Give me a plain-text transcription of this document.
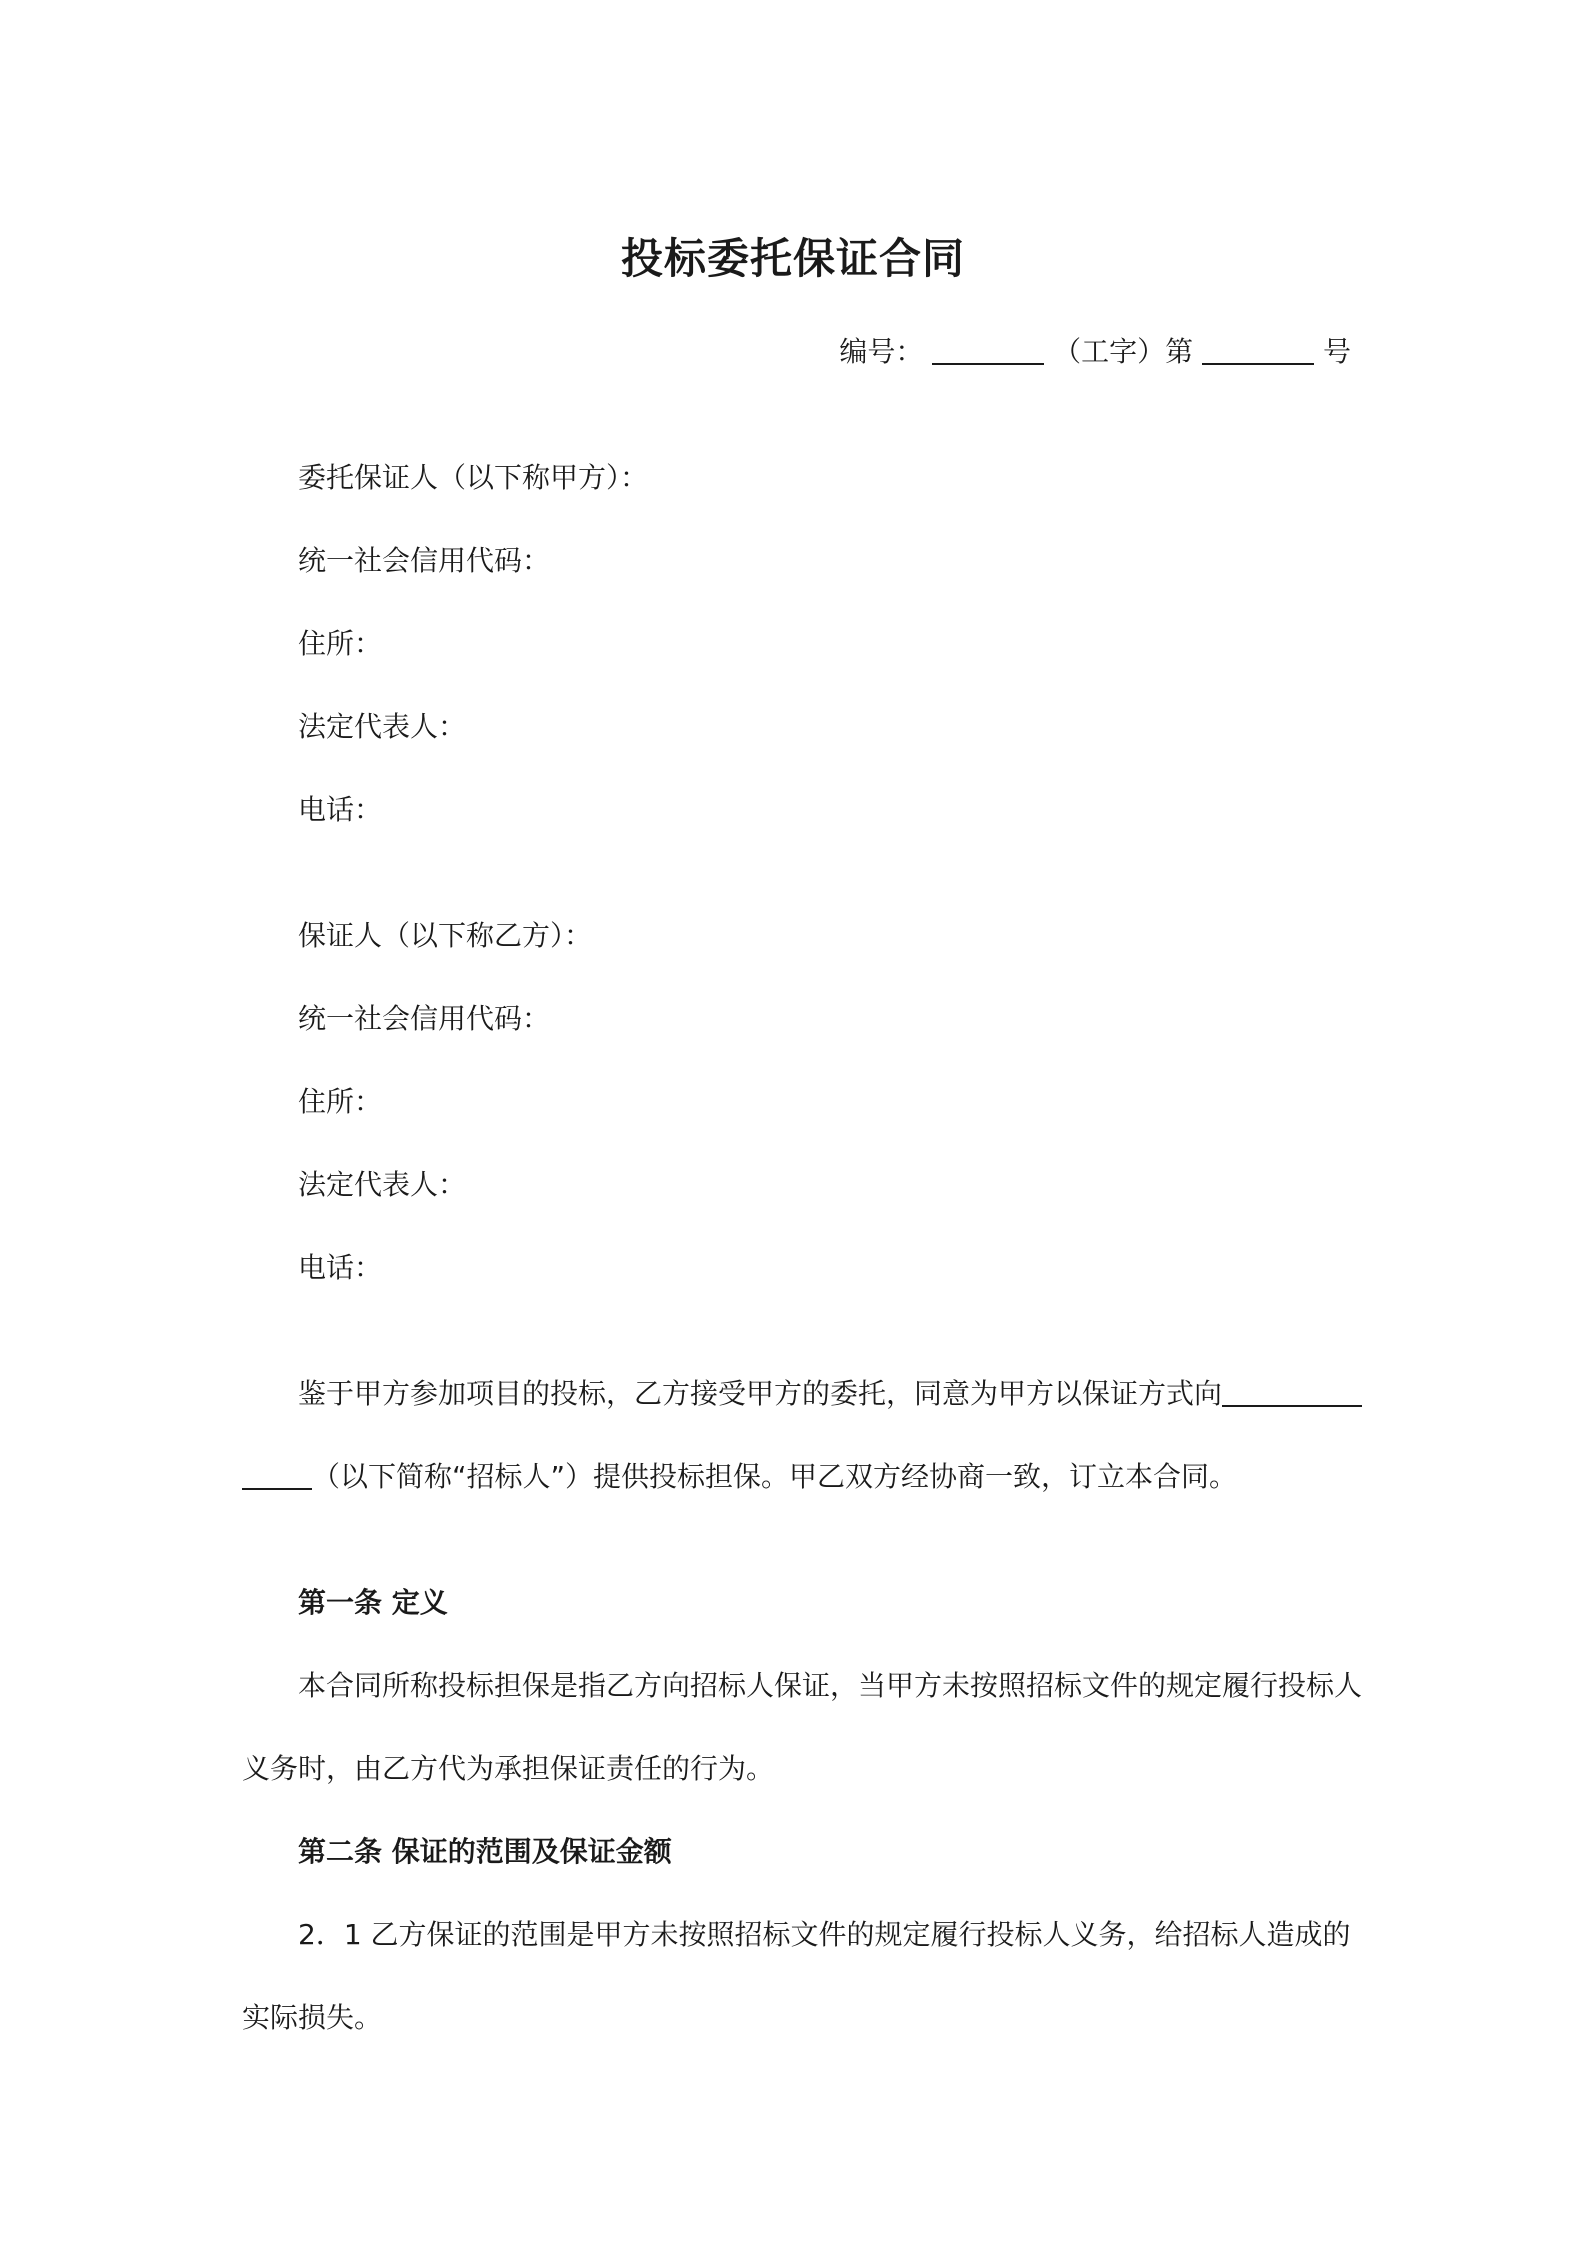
投标委托保证合同
编号：	（工字）第	号
委托保证人（以下称甲方）：
统一社会信用代码：
住所：
法定代表人：
电话：
保证人（以下称乙方）：
统一社会信用代码：
住所：
法定代表人：
电话：
鉴于甲方参加项目的投标，乙方接受甲方的委托，同意为甲方以保证方式向
（以下简称“招标人”）提供投标担保。甲乙双方经协商一致，订立本合同。
第一条 定义
本合同所称投标担保是指乙方向招标人保证，当甲方未按照招标文件的规定履行投标人
义务时，由乙方代为承担保证责任的行为。
第二条 保证的范围及保证金额
2．1 乙方保证的范围是甲方未按照招标文件的规定履行投标人义务，给招标人造成的
实际损失。
